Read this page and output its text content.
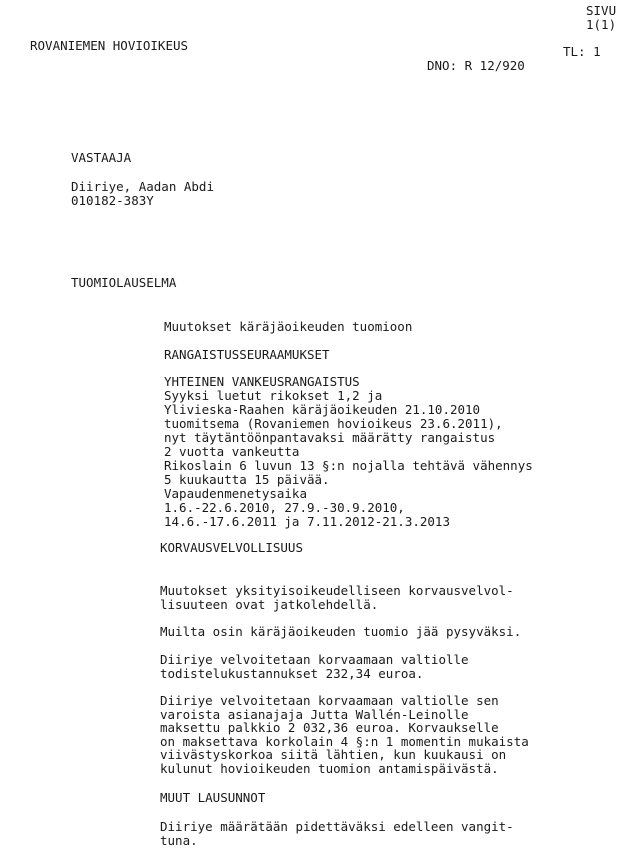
ROVANIEMEN HOVIOIKEUS
SIVU
1(1)
TL: 1
DNO: R 12/920
VASTAAJA
Diiriye, Aadan Abdi
010182-383Y
TUOMIOLAUSELMA
Muutokset käräjäoikeuden tuomioon
RANGAISTUSSEURAAMUKSET
YHTEINEN VANKEUSRANGAISTUS
Syyksi luetut rikokset 1,2 ja
Ylivieska-Raahen käräjäoikeuden 21.10.2010
tuomitsema (Rovaniemen hovioikeus 23.6.2011),
nyt täytäntöönpantavaksi määrätty rangaistus
2 vuotta vankeutta
Rikoslain 6 luvun 13 §:n nojalla tehtävä vähennys
5 kuukautta 15 päivää.
Vapaudenmenetysaika
1.6.-22.6.2010, 27.9.-30.9.2010,
14.6.-17.6.2011 ja 7.11.2012-21.3.2013
KORVAUSVELVOLLISUUS
Muutokset yksityisoikeudelliseen korvausvelvol-
lisuuteen ovat jatkolehdellä.
Muilta osin käräjäoikeuden tuomio jää pysyväksi.
Diiriye velvoitetaan korvaamaan valtiolle
todistelukustannukset 232,34 euroa.
Diiriye velvoitetaan korvaamaan valtiolle sen
varoista asianajaja Jutta Wallén-Leinolle
maksettu palkkio 2 032,36 euroa. Korvaukselle
on maksettava korkolain 4 §:n 1 momentin mukaista
viivästyskorkoa siitä lähtien, kun kuukausi on
kulunut hovioikeuden tuomion antamispäivästä.
MUUT LAUSUNNOT
Diiriye määrätään pidettäväksi edelleen vangit-
tuna.
